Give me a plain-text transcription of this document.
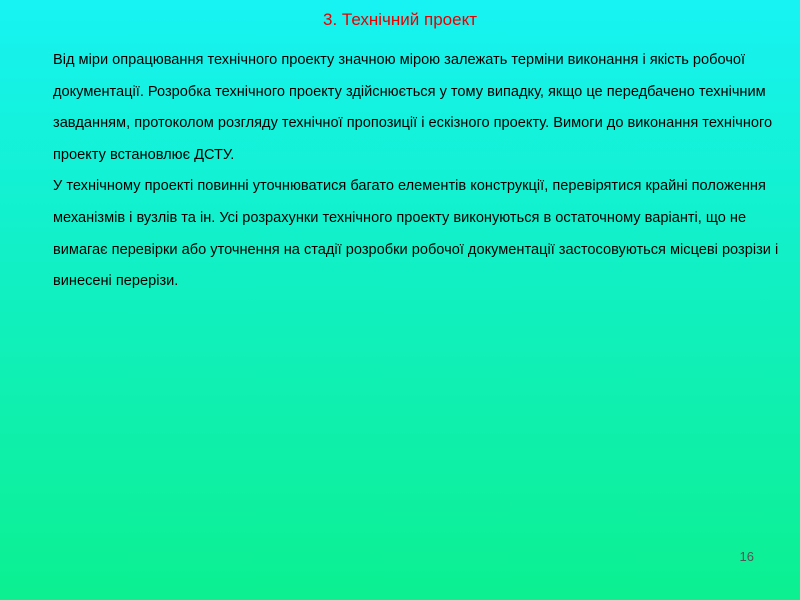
3. Технічний проект

Від міри опрацювання технічного проекту значною мірою залежать терміни виконання і якість робочої документації. Розробка технічного проекту здійснюється у тому випадку, якщо це передбачено технічним завданням, протоколом розгляду технічної пропозиції і ескізного проекту. Вимоги до виконання технічного проекту встановлює ДСТУ.

У технічному проекті повинні уточнюватися багато елементів конструкції, перевірятися крайні положення механізмів і вузлів та ін. Усі розрахунки технічного проекту виконуються в остаточному варіанті, що не вимагає перевірки або уточнення на стадії розробки робочої документації застосовуються місцеві розрізи і винесені перерізи.

16
